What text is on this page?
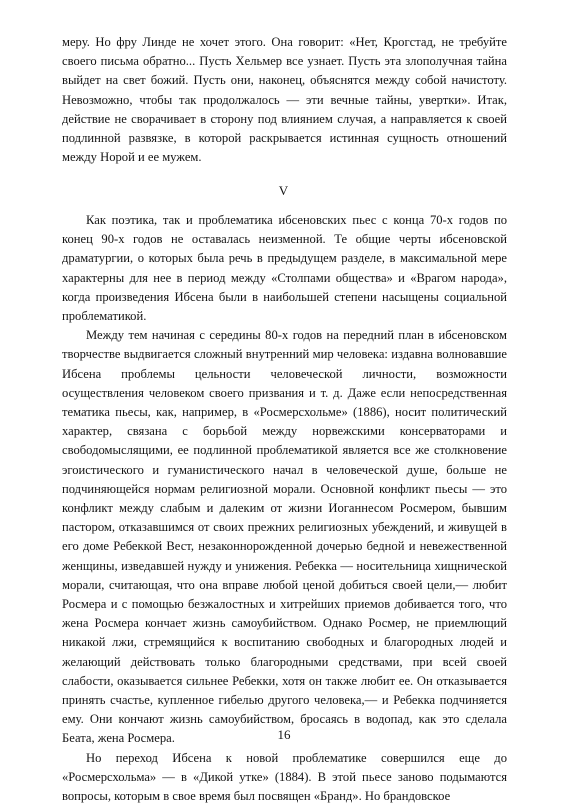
меру. Но фру Линде не хочет этого. Она говорит: «Нет, Крогстад, не требуйте своего письма обратно... Пусть Хельмер все узнает. Пусть эта злополучная тайна выйдет на свет божий. Пусть они, наконец, объяснятся между собой начистоту. Невозможно, чтобы так продолжалось — эти вечные тайны, увертки». Итак, действие не сворачивает в сторону под влиянием случая, а направляется к своей подлинной развязке, в которой раскрывается истинная сущность отношений между Норой и ее мужем.

V

Как поэтика, так и проблематика ибсеновских пьес с конца 70-х годов по конец 90-х годов не оставалась неизменной. Те общие черты ибсеновской драматургии, о которых была речь в предыдущем разделе, в максимальной мере характерны для нее в период между «Столпами общества» и «Врагом народа», когда произведения Ибсена были в наибольшей степени насыщены социальной проблематикой.

Между тем начиная с середины 80-х годов на передний план в ибсеновском творчестве выдвигается сложный внутренний мир человека: издавна волновавшие Ибсена проблемы цельности человеческой личности, возможности осуществления человеком своего призвания и т. д. Даже если непосредственная тематика пьесы, как, например, в «Росмерсхольме» (1886), носит политический характер, связана с борьбой между норвежскими консерваторами и свободомыслящими, ее подлинной проблематикой является все же столкновение эгоистического и гуманистического начал в человеческой душе, больше не подчиняющейся нормам религиозной морали. Основной конфликт пьесы — это конфликт между слабым и далеким от жизни Иоганнесом Росмером, бывшим пастором, отказавшимся от своих прежних религиозных убеждений, и живущей в его доме Ребеккой Вест, незаконнорожденной дочерью бедной и невежественной женщины, изведавшей нужду и унижения. Ребекка — носительница хищнической морали, считающая, что она вправе любой ценой добиться своей цели,— любит Росмера и с помощью безжалостных и хитрейших приемов добивается того, что жена Росмера кончает жизнь самоубийством. Однако Росмер, не приемлющий никакой лжи, стремящийся к воспитанию свободных и благородных людей и желающий действовать только благородными средствами, при всей своей слабости, оказывается сильнее Ребекки, хотя он также любит ее. Он отказывается принять счастье, купленное гибелью другого человека,— и Ребекка подчиняется ему. Они кончают жизнь самоубийством, бросаясь в водопад, как это сделала Беата, жена Росмера.

Но переход Ибсена к новой проблематике совершился еще до «Росмерсхольма» — в «Дикой утке» (1884). В этой пьесе заново подымаются вопросы, которым в свое время был посвящен «Бранд». Но брандовское

16
